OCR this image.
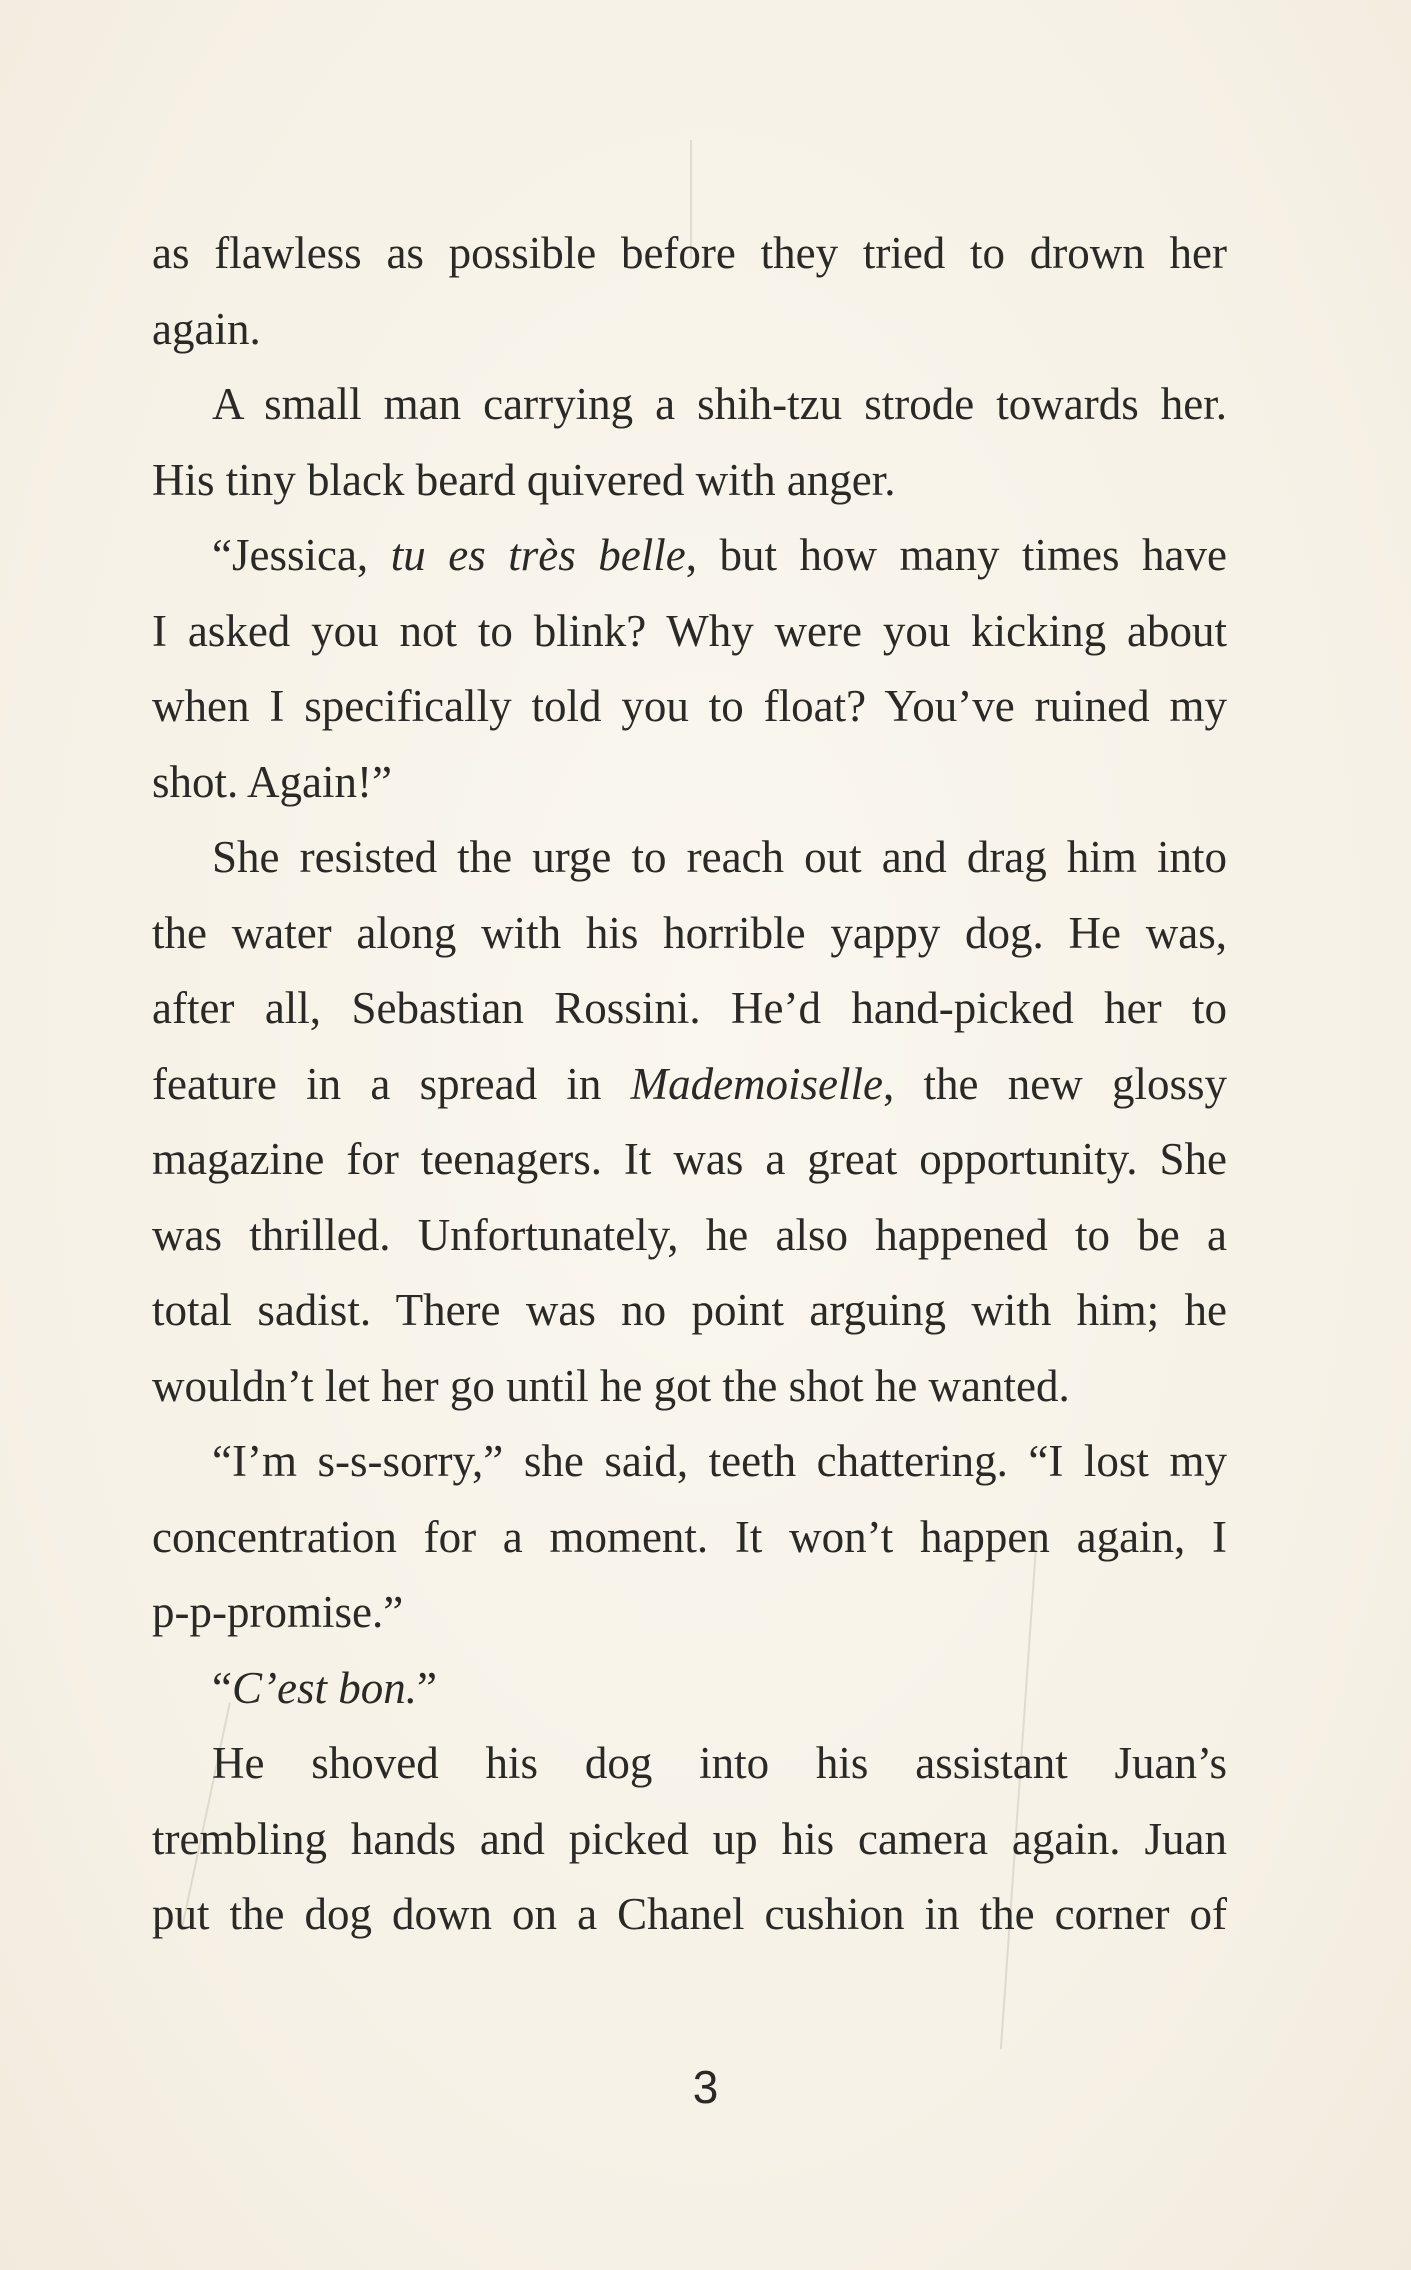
as flawless as possible before they tried to drown her
again.
A small man carrying a shih-tzu strode towards her.
His tiny black beard quivered with anger.
“Jessica, tu es très belle, but how many times have
I asked you not to blink? Why were you kicking about
when I specifically told you to float? You’ve ruined my
shot. Again!”
She resisted the urge to reach out and drag him into
the water along with his horrible yappy dog. He was,
after all, Sebastian Rossini. He’d hand-picked her to
feature in a spread in Mademoiselle, the new glossy
magazine for teenagers. It was a great opportunity. She
was thrilled. Unfortunately, he also happened to be a
total sadist. There was no point arguing with him; he
wouldn’t let her go until he got the shot he wanted.
“I’m s-s-sorry,” she said, teeth chattering. “I lost my
concentration for a moment. It won’t happen again, I
p-p-promise.”
“C’est bon.”
He shoved his dog into his assistant Juan’s
trembling hands and picked up his camera again. Juan
put the dog down on a Chanel cushion in the corner of
3
